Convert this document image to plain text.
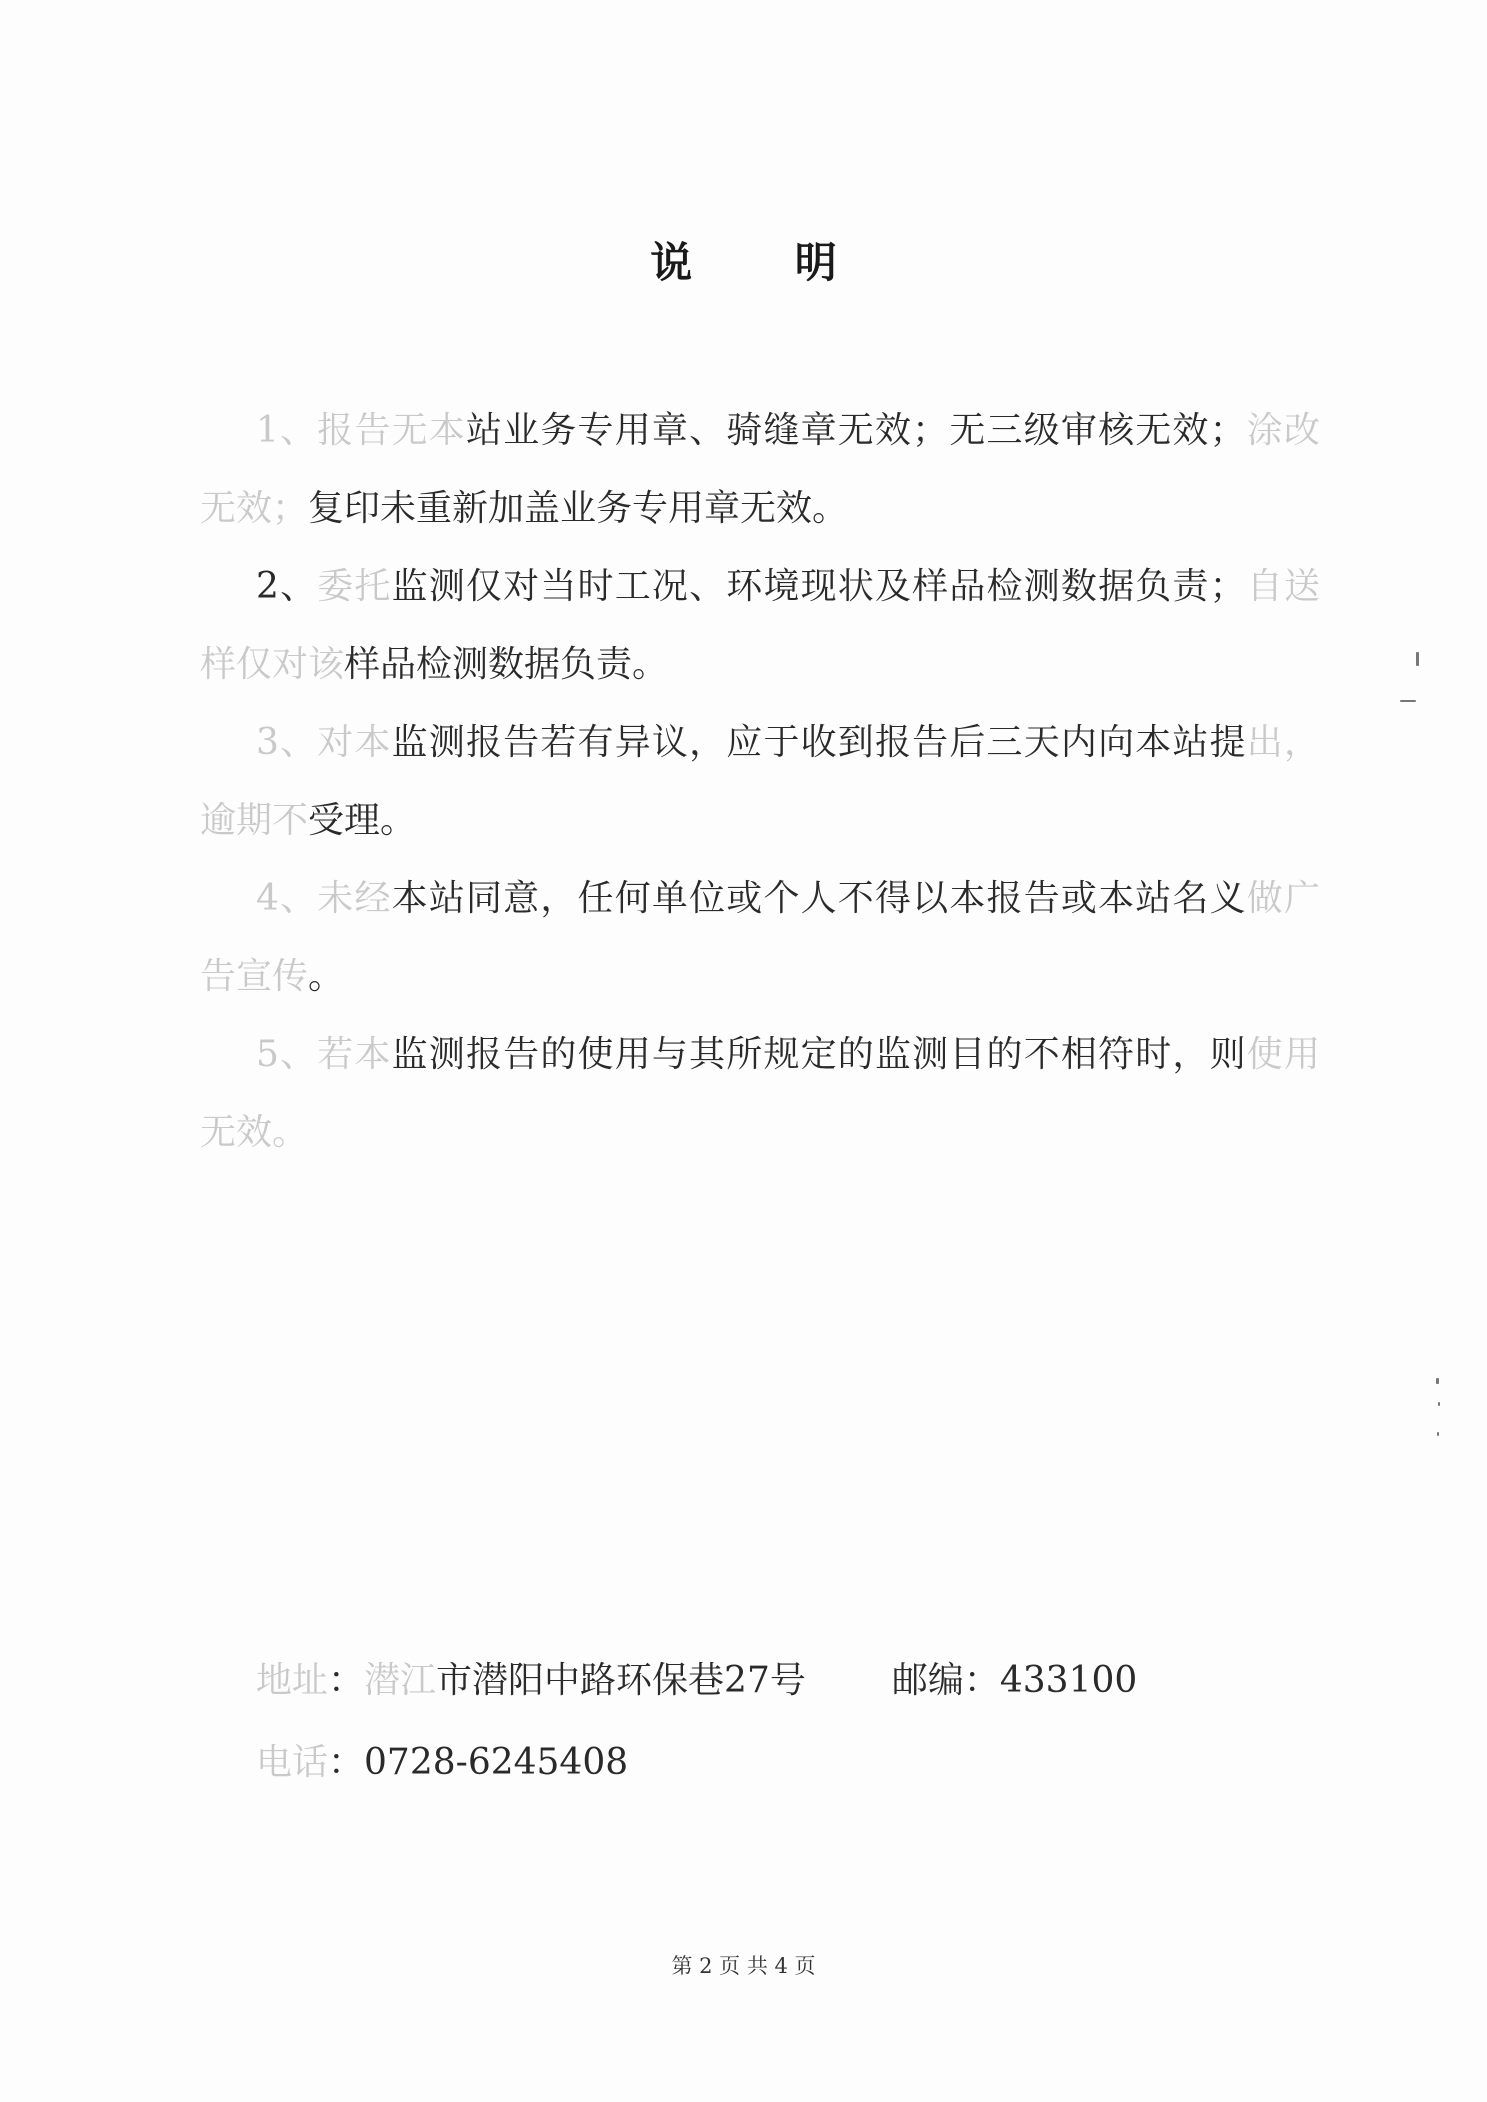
说 明

1、报告无本站业务专用章、骑缝章无效；无三级审核无效；涂改无效；复印未重新加盖业务专用章无效。

2、委托监测仅对当时工况、环境现状及样品检测数据负责；自送样仅对该样品检测数据负责。

3、对本监测报告若有异议，应于收到报告后三天内向本站提出，逾期不受理。

4、未经本站同意，任何单位或个人不得以本报告或本站名义做广告宣传。

5、若本监测报告的使用与其所规定的监测目的不相符时，则使用无效。

地址：潜江市潜阳中路环保巷27号 邮编：433100
电话：0728-6245408
第 2 页 共 4 页
